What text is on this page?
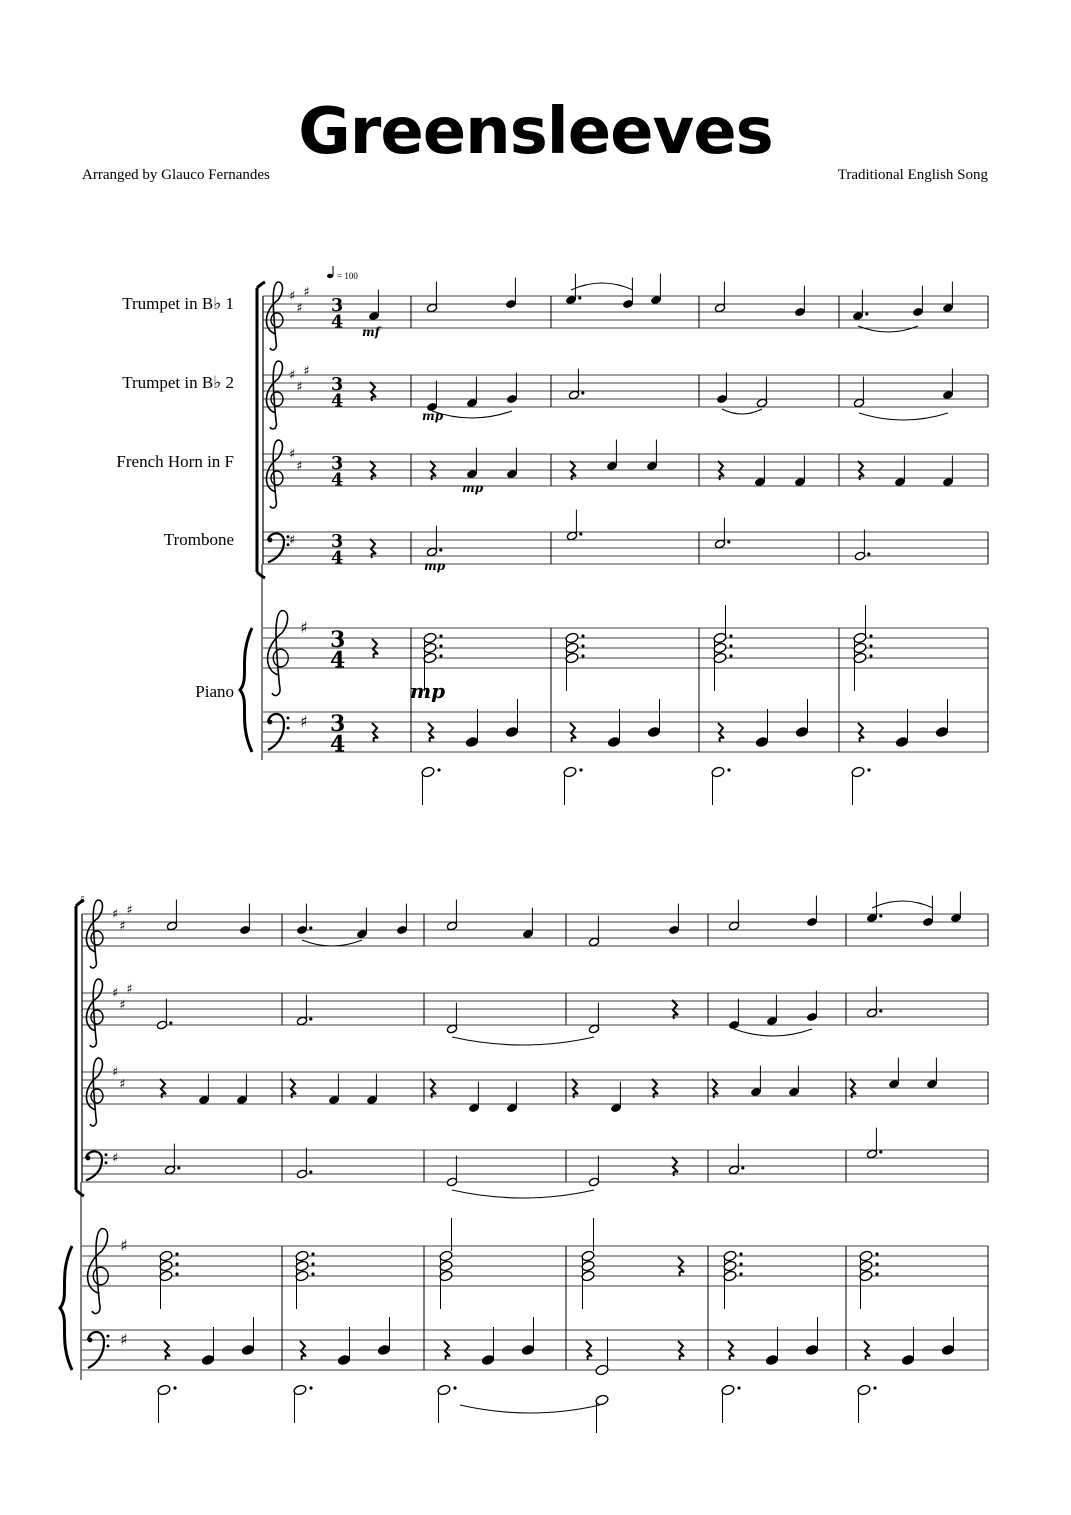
Greensleeves
Arranged by Glauco Fernandes	Traditional English Song
Trumpet in B♭ 1
Trumpet in B♭ 2
French Horn in F
Trombone
Piano
= 100
♯
♯
♯
3
4
♯
♯
♯
3
4
♯
♯ 3
4
♯ 3
4
mf
mp
mp
mp
♯
♯
3
4
3
4
mp
♯
♯
♯
♯
♯
♯
♯
♯
♯
♯
♯
5
